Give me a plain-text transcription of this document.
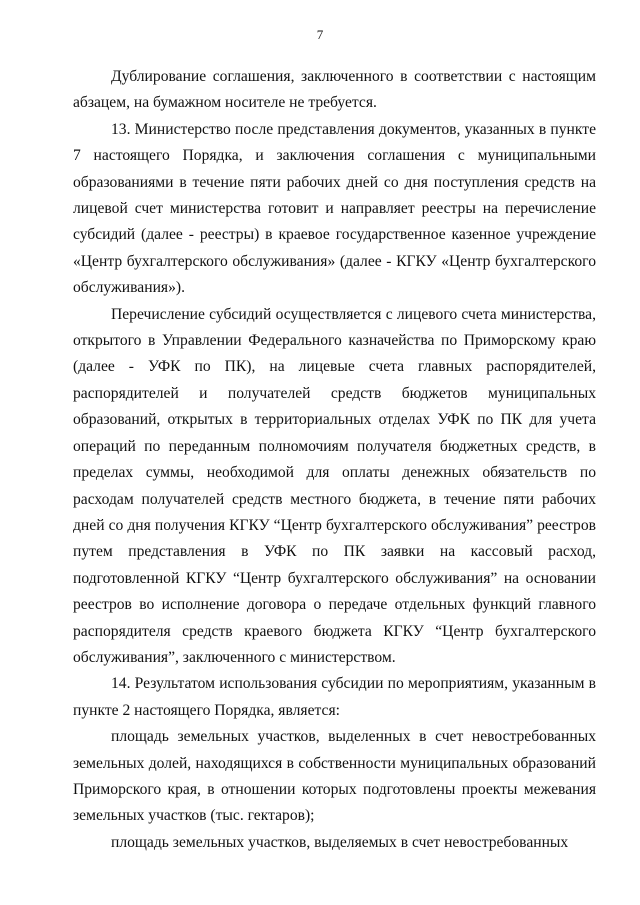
7

Дублирование соглашения, заключенного в соответствии с настоящим абзацем, на бумажном носителе не требуется.

13. Министерство после представления документов, указанных в пункте 7 настоящего Порядка, и заключения соглашения с муниципальными образованиями в течение пяти рабочих дней со дня поступления средств на лицевой счет министерства готовит и направляет реестры на перечисление субсидий (далее - реестры) в краевое государственное казенное учреждение «Центр бухгалтерского обслуживания» (далее - КГКУ «Центр бухгалтерского обслуживания»).

Перечисление субсидий осуществляется с лицевого счета министерства, открытого в Управлении Федерального казначейства по Приморскому краю (далее - УФК по ПК), на лицевые счета главных распорядителей, распорядителей и получателей средств бюджетов муниципальных образований, открытых в территориальных отделах УФК по ПК для учета операций по переданным полномочиям получателя бюджетных средств, в пределах суммы, необходимой для оплаты денежных обязательств по расходам получателей средств местного бюджета, в течение пяти рабочих дней со дня получения КГКУ “Центр бухгалтерского обслуживания” реестров путем представления в УФК по ПК заявки на кассовый расход, подготовленной КГКУ “Центр бухгалтерского обслуживания” на основании реестров во исполнение договора о передаче отдельных функций главного распорядителя средств краевого бюджета КГКУ “Центр бухгалтерского обслуживания”, заключенного с министерством.

14. Результатом использования субсидии по мероприятиям, указанным в пункте 2 настоящего Порядка, является:

площадь земельных участков, выделенных в счет невостребованных земельных долей, находящихся в собственности муниципальных образований Приморского края, в отношении которых подготовлены проекты межевания земельных участков (тыс. гектаров);

площадь земельных участков, выделяемых в счет невостребованных
